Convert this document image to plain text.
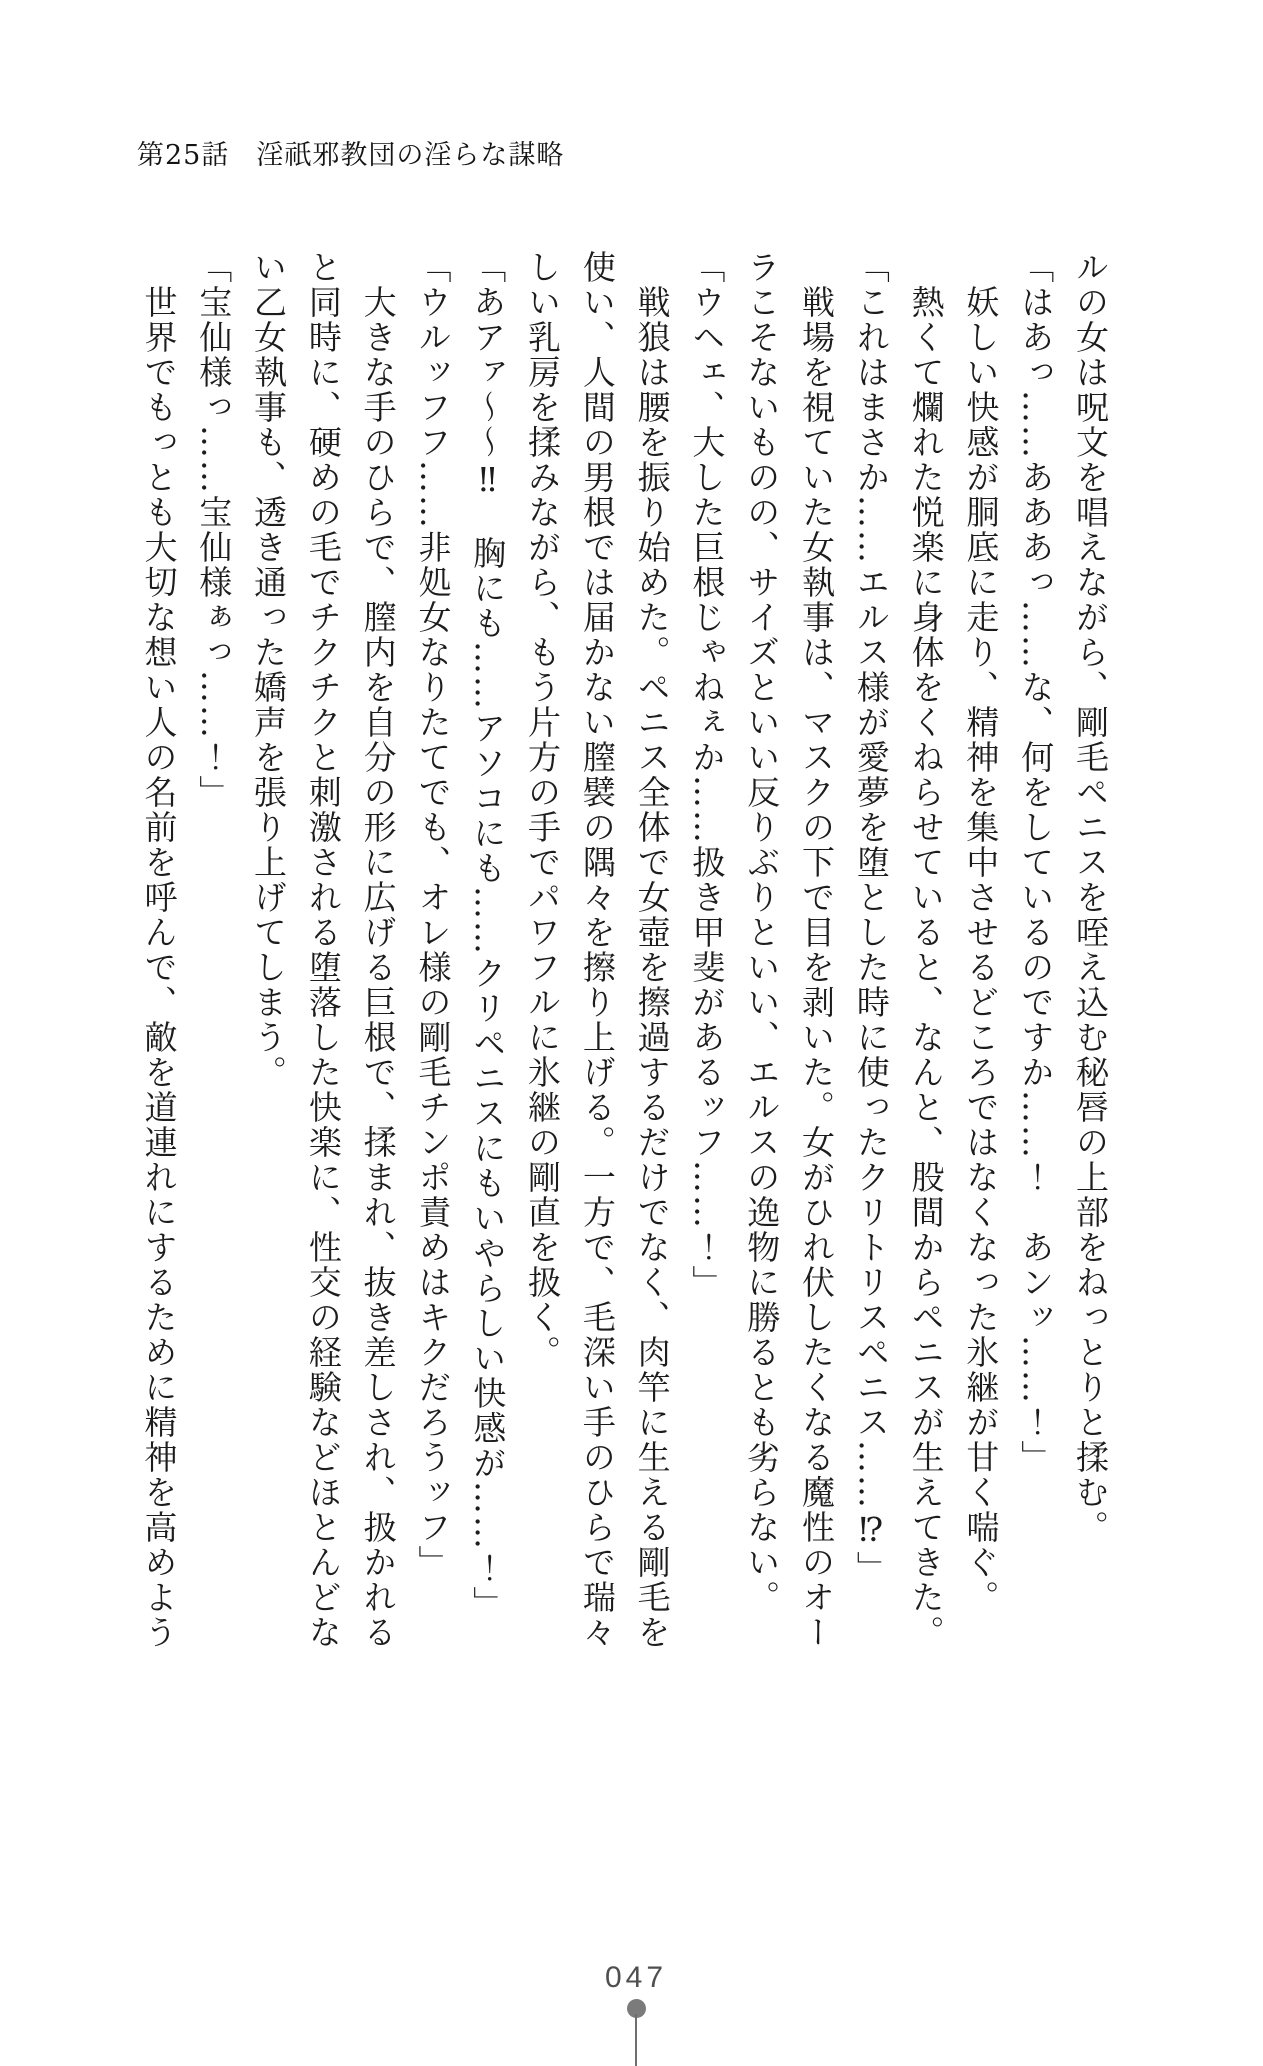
第25話 淫祇邪教団の淫らな謀略

ルの女は呪文を唱えながら、剛毛ペニスを咥え込む秘唇の上部をねっとりと揉む。

「はあっ……あああっ……な、何をしているのですか……！　あンッ……！」

　妖しい快感が胴底に走り、精神を集中させるどころではなくなった氷継が甘く喘ぐ。

　熱くて爛れた悦楽に身体をくねらせていると、なんと、股間からペニスが生えてきた。

「これはまさか……エルス様が愛夢を堕とした時に使ったクリトリスペニス……⁉」

　戦場を視ていた女執事は、マスクの下で目を剥いた。女がひれ伏したくなる魔性のオー

ラこそないものの、サイズといい反りぶりといい、エルスの逸物に勝るとも劣らない。

「ウヘェ、大した巨根じゃねぇか……扱き甲斐があるッフ……！」

　戦狼は腰を振り始めた。ペニス全体で女壺を擦過するだけでなく、肉竿に生える剛毛を

使い、人間の男根では届かない膣襞の隅々を擦り上げる。一方で、毛深い手のひらで瑞々

しい乳房を揉みながら、もう片方の手でパワフルに氷継の剛直を扱く。

「あアァ～～‼　胸にも……アソコにも……クリペニスにもいやらしい快感が……！」

「ウルッフフ……非処女なりたてでも、オレ様の剛毛チンポ責めはキクだろうッフ」

　大きな手のひらで、膣内を自分の形に広げる巨根で、揉まれ、抜き差しされ、扱かれる

と同時に、硬めの毛でチクチクと刺激される堕落した快楽に、性交の経験などほとんどな

い乙女執事も、透き通った嬌声を張り上げてしまう。

「宝仙様っ……宝仙様ぁっ……！」

　世界でもっとも大切な想い人の名前を呼んで、敵を道連れにするために精神を高めよう

047
